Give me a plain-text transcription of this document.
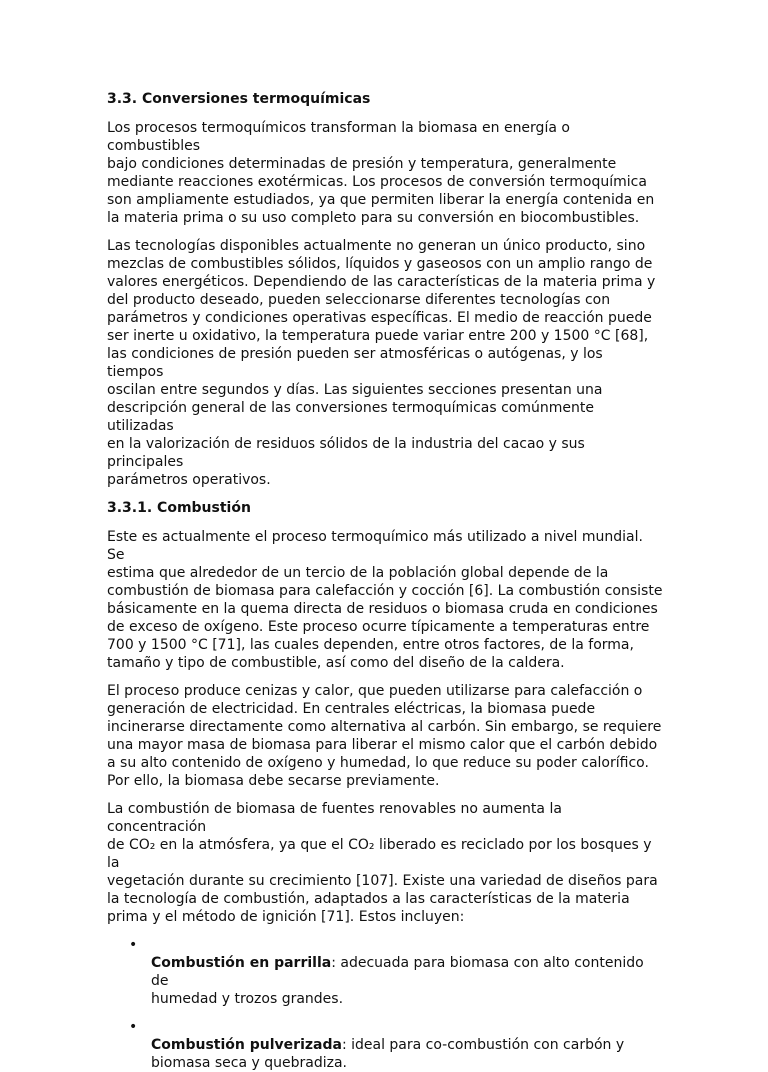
3.3. Conversiones termoquímicas

Los procesos termoquímicos transforman la biomasa en energía o combustibles
bajo condiciones determinadas de presión y temperatura, generalmente
mediante reacciones exotérmicas. Los procesos de conversión termoquímica
son ampliamente estudiados, ya que permiten liberar la energía contenida en
la materia prima o su uso completo para su conversión en biocombustibles.

Las tecnologías disponibles actualmente no generan un único producto, sino
mezclas de combustibles sólidos, líquidos y gaseosos con un amplio rango de
valores energéticos. Dependiendo de las características de la materia prima y
del producto deseado, pueden seleccionarse diferentes tecnologías con
parámetros y condiciones operativas específicas. El medio de reacción puede
ser inerte u oxidativo, la temperatura puede variar entre 200 y 1500 °C [68],
las condiciones de presión pueden ser atmosféricas o autógenas, y los tiempos
oscilan entre segundos y días. Las siguientes secciones presentan una
descripción general de las conversiones termoquímicas comúnmente utilizadas
en la valorización de residuos sólidos de la industria del cacao y sus principales
parámetros operativos.

3.3.1. Combustión

Este es actualmente el proceso termoquímico más utilizado a nivel mundial. Se
estima que alrededor de un tercio de la población global depende de la
combustión de biomasa para calefacción y cocción [6]. La combustión consiste
básicamente en la quema directa de residuos o biomasa cruda en condiciones
de exceso de oxígeno. Este proceso ocurre típicamente a temperaturas entre
700 y 1500 °C [71], las cuales dependen, entre otros factores, de la forma,
tamaño y tipo de combustible, así como del diseño de la caldera.

El proceso produce cenizas y calor, que pueden utilizarse para calefacción o
generación de electricidad. En centrales eléctricas, la biomasa puede
incinerarse directamente como alternativa al carbón. Sin embargo, se requiere
una mayor masa de biomasa para liberar el mismo calor que el carbón debido
a su alto contenido de oxígeno y humedad, lo que reduce su poder calorífico.
Por ello, la biomasa debe secarse previamente.

La combustión de biomasa de fuentes renovables no aumenta la concentración
de CO₂ en la atmósfera, ya que el CO₂ liberado es reciclado por los bosques y la
vegetación durante su crecimiento [107]. Existe una variedad de diseños para
la tecnología de combustión, adaptados a las características de la materia
prima y el método de ignición [71]. Estos incluyen:

•
Combustión en parrilla: adecuada para biomasa con alto contenido de
humedad y trozos grandes.

•
Combustión pulverizada: ideal para co-combustión con carbón y
biomasa seca y quebradiza.
